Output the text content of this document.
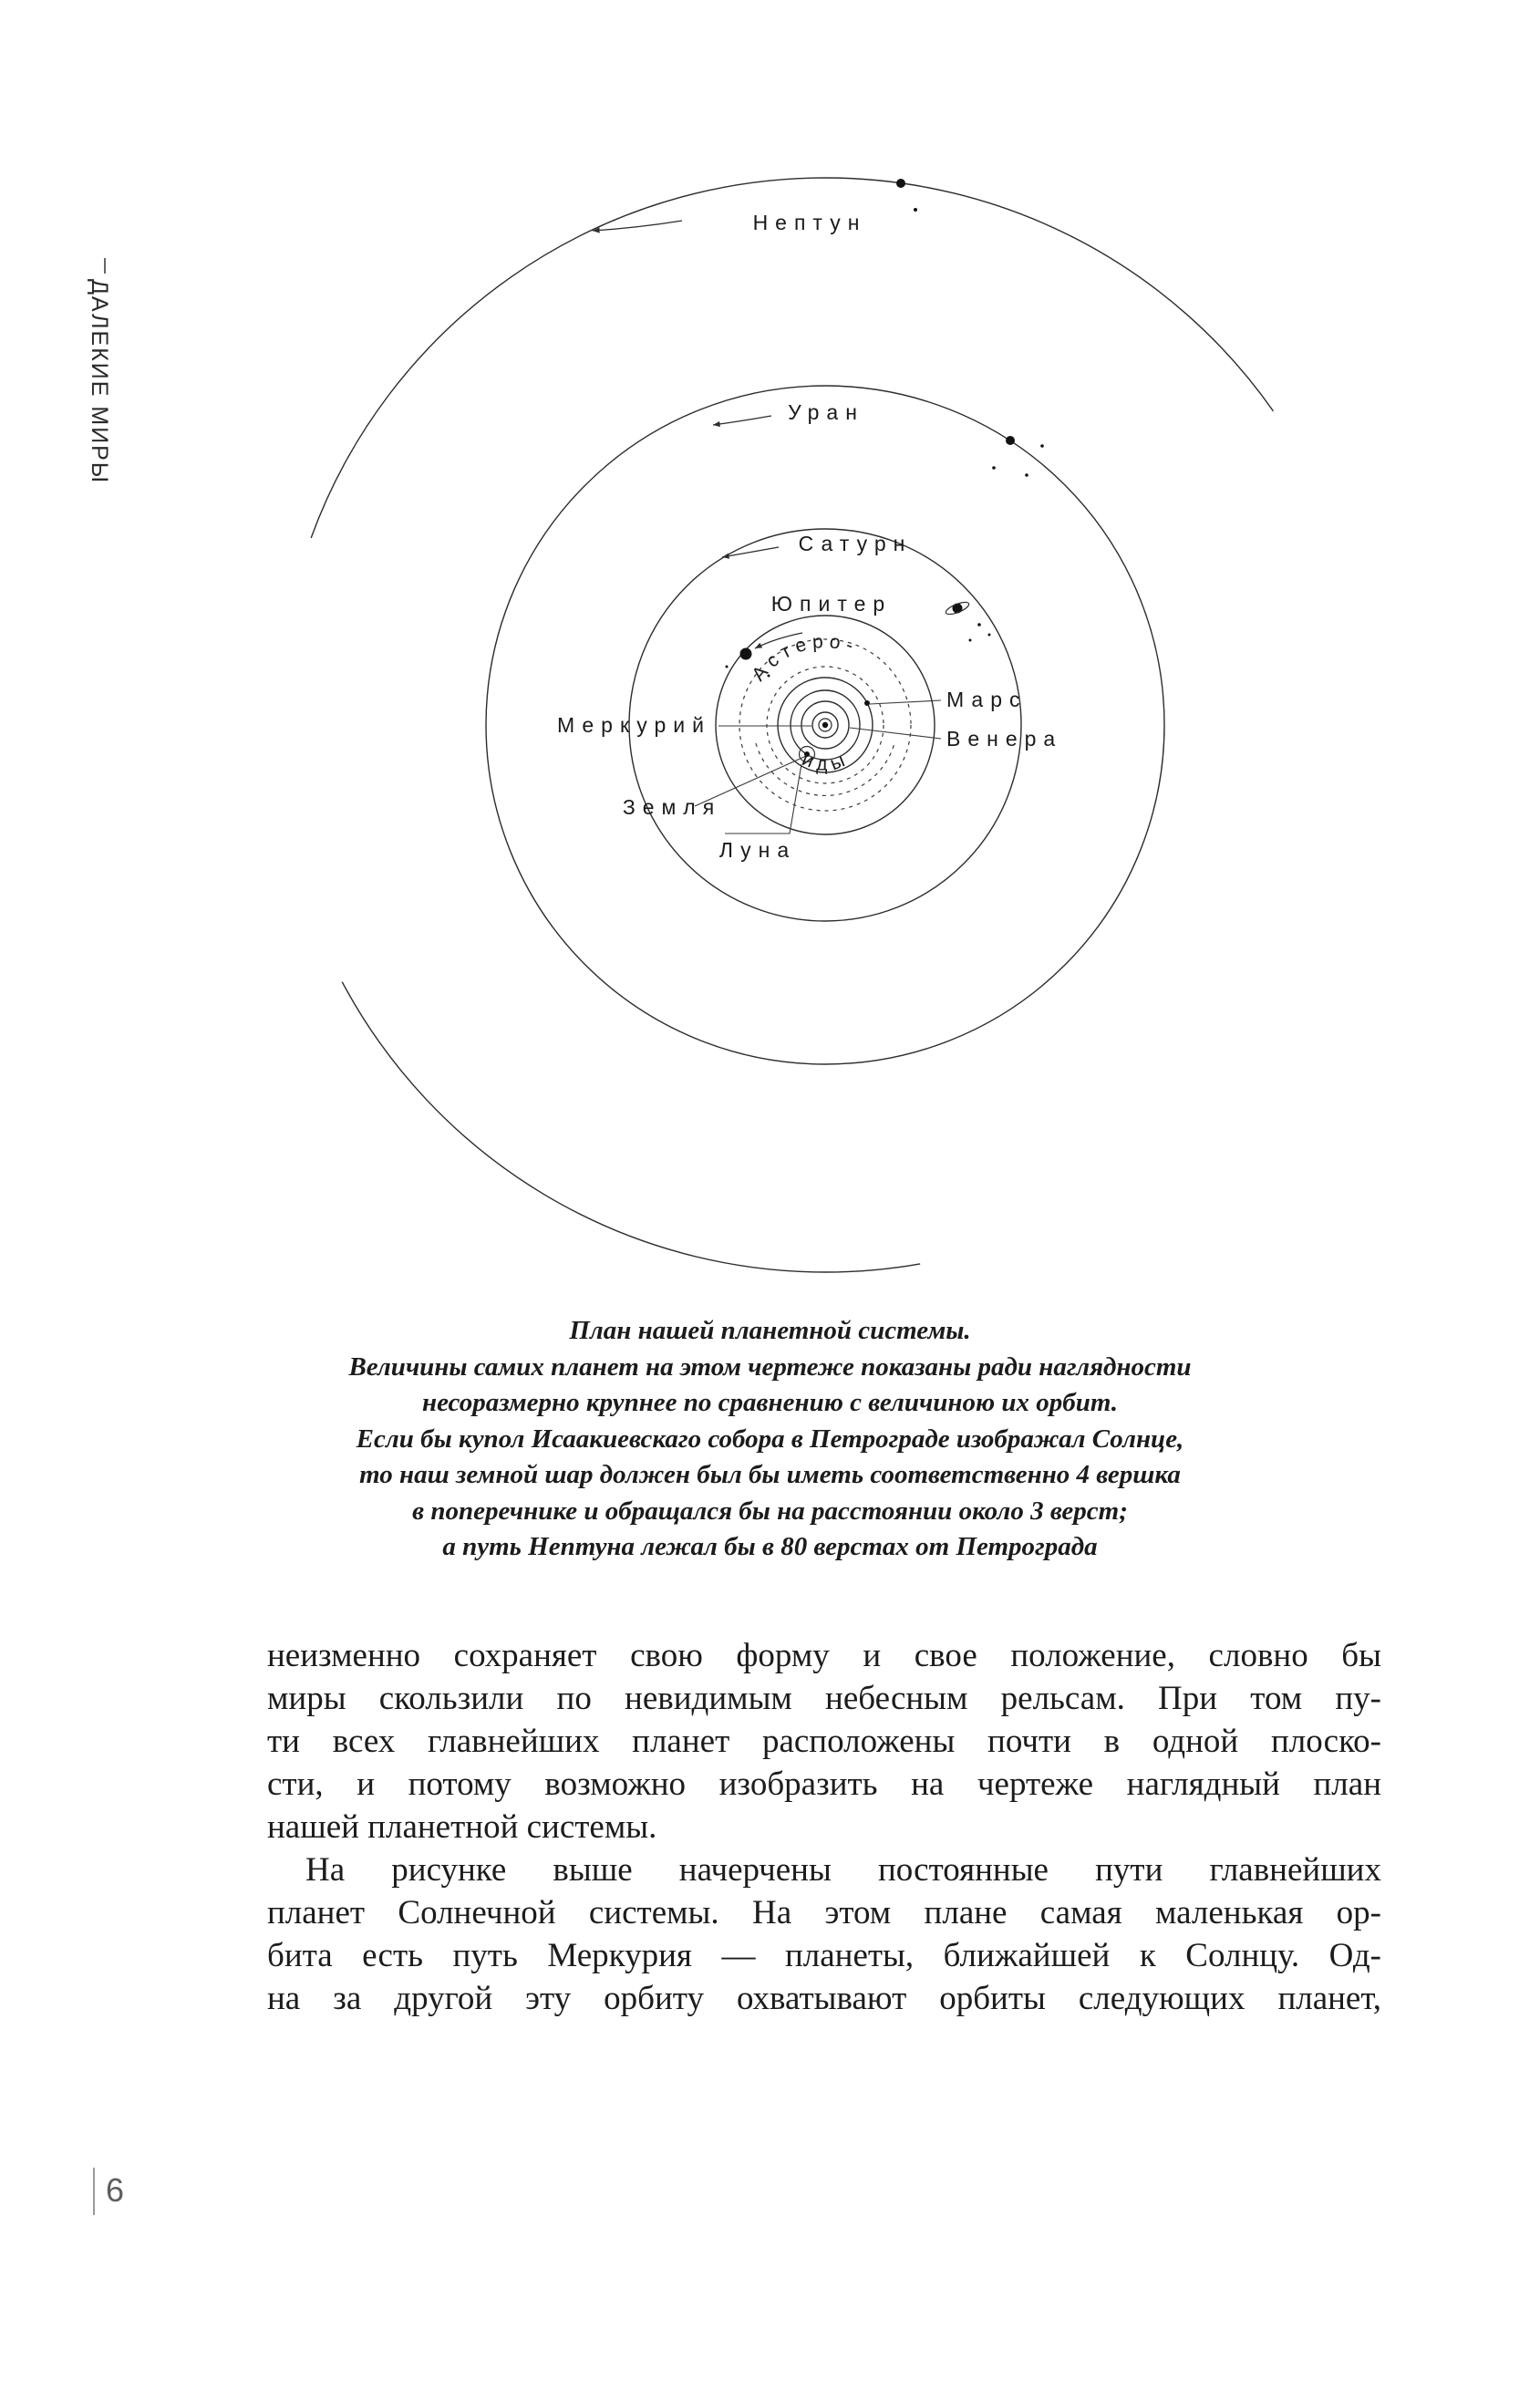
ДАЛЕКИЕ МИРЫ
Нептун
Уран
Сатурн
Юпитер
Меркурий
Марс
Венера
Земля
Луна
Астеро-
иды
План нашей планетной системы.
Величины самих планет на этом чертеже показаны ради наглядности
несоразмерно крупнее по сравнению с величиною их орбит.
Если бы купол Исаакиевскаго собора в Петрограде изображал Солнце,
то наш земной шар должен был бы иметь соответственно 4 вершка
в поперечнике и обращался бы на расстоянии около 3 верст;
а путь Нептуна лежал бы в 80 верстах от Петрограда
неизменно сохраняет свою форму и свое положение, словно бы
миры скользили по невидимым небесным рельсам. При том пу-
ти всех главнейших планет расположены почти в одной плоско-
сти, и потому возможно изобразить на чертеже наглядный план
нашей планетной системы.
На рисунке выше начерчены постоянные пути главнейших
планет Солнечной системы. На этом плане самая маленькая ор-
бита есть путь Меркурия — планеты, ближайшей к Солнцу. Од-
на за другой эту орбиту охватывают орбиты следующих планет,
6
